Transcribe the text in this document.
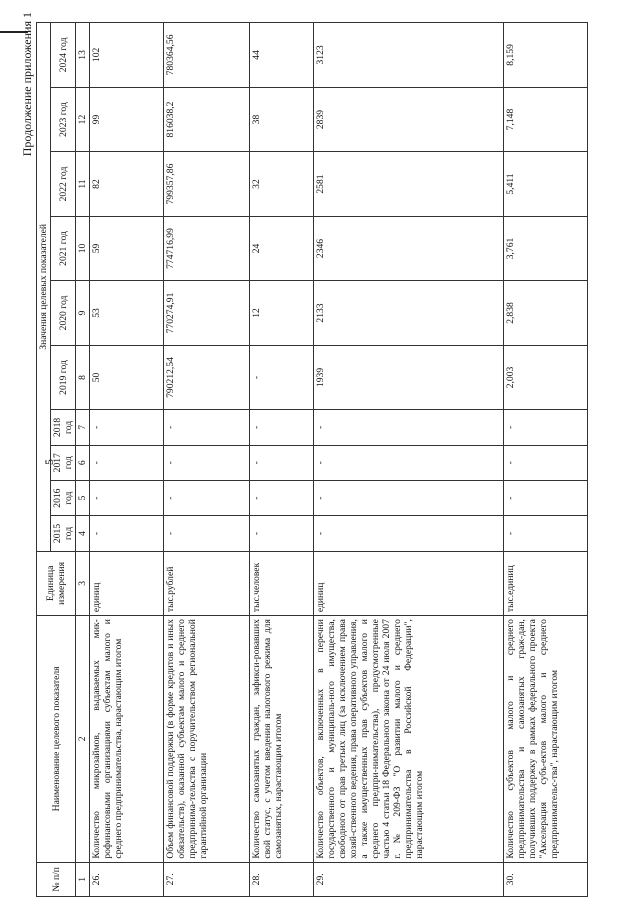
5
Продолжение приложения 1
№ п/п	Наименование целевого показателя	Единица измерения	Значения целевых показателей									
			2015 год	2016 год	2017 год	2018 год	2019 год	2020 год	2021 год	2022 год	2023 год	2024 год
1	2	3	4	5	6	7	8	9	10	11	12	13
26.	Количество микрозаймов, выдаваемых мик-рофинансовыми организациями субъектам малого и среднего предпринимательства, нарастающим итогом	единиц	-	-	-	-	50	53	59	82	99	102
27.	Объем финансовой поддержки (в форме кредитов и иных обязательств), оказанной субъектам малого и среднего предпринима-тельства с поручительством региональной гарантийной организации	тыс.рублей	-	-	-	-	790212,54	770274,91	774716,99	799357,86	816038,2	780364,56
28.	Количество самозанятых граждан, зафикси-ровавших свой статус, с учетом введения налогового режима для самозанятых, нарастающим итогом	тыс.человек	-	-	-	-	-	12	24	32	38	44
29.	Количество объектов, включенных в перечни государственного и муниципаль-ного имущества, свободного от прав третьих лиц (за исключением права хозяй-ственного ведения, права оперативного управления, а также имущественных прав субъектов малого и среднего предпри-нимательства), предусмотренные частью 4 статьи 18 Федерального закона от 24 июля 2007 г. № 209-ФЗ "О развитии малого и среднего предпринимательства в Российской Федерации", нарастающим итогом	единиц	-	-	-	-	1939	2133	2346	2581	2839	3123
30.	Количество субъектов малого и среднего предпринимательства и самозанятых граж-дан, получивших поддержку в рамках федерального проекта "Акселерация субъ-ектов малого и среднего предпринимательс-тва", нарастающим итогом	тыс.единиц	-	-	-	-	2,003	2,838	3,761	5,411	7,148	8,159
